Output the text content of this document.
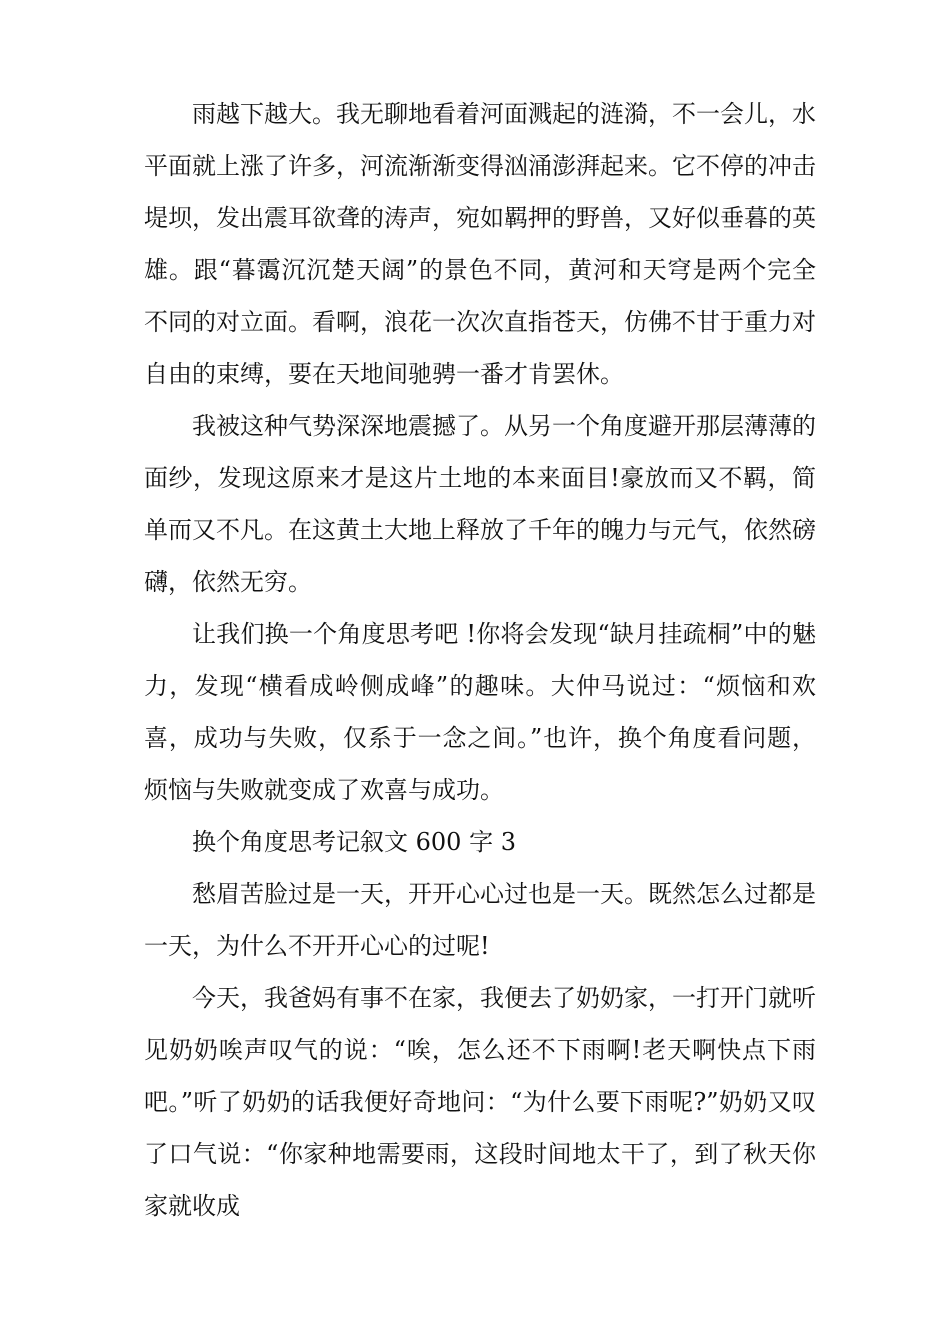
雨越下越大。我无聊地看着河面溅起的涟漪，不一会儿，水平面就上涨了许多，河流渐渐变得汹涌澎湃起来。它不停的冲击堤坝，发出震耳欲聋的涛声，宛如羁押的野兽，又好似垂暮的英雄。跟“暮霭沉沉楚天阔”的景色不同，黄河和天穹是两个完全不同的对立面。看啊，浪花一次次直指苍天，仿佛不甘于重力对自由的束缚，要在天地间驰骋一番才肯罢休。

我被这种气势深深地震撼了。从另一个角度避开那层薄薄的面纱，发现这原来才是这片土地的本来面目!豪放而又不羁，简单而又不凡。在这黄土大地上释放了千年的魄力与元气，依然磅礴，依然无穷。

让我们换一个角度思考吧 !你将会发现“缺月挂疏桐”中的魅力，发现“横看成岭侧成峰”的趣味。大仲马说过：“烦恼和欢喜，成功与失败，仅系于一念之间。”也许，换个角度看问题，烦恼与失败就变成了欢喜与成功。

换个角度思考记叙文 600 字 3

愁眉苦脸过是一天，开开心心过也是一天。既然怎么过都是一天，为什么不开开心心的过呢!

今天，我爸妈有事不在家，我便去了奶奶家，一打开门就听见奶奶唉声叹气的说：“唉，怎么还不下雨啊!老天啊快点下雨吧。”听了奶奶的话我便好奇地问：“为什么要下雨呢?”奶奶又叹了口气说：“你家种地需要雨，这段时间地太干了，到了秋天你家就收成
